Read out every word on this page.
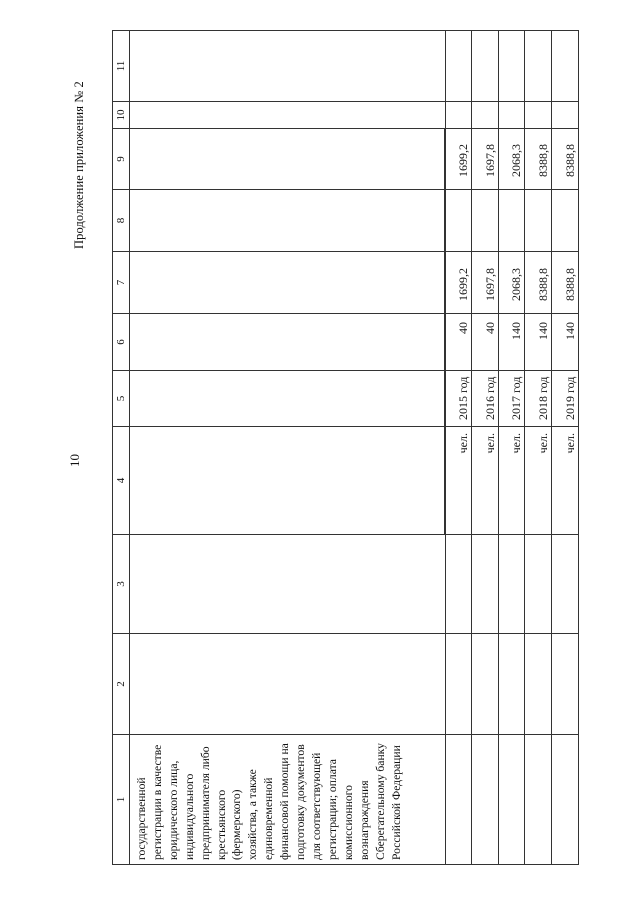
Продолжение приложения № 2
10
1	2	3	4	5	6	7	8	9	10	11
государственной регистрации в качестве юридического лица, индивидуального предпринимателя либо крестьянского (фермерского) хозяйства, а также единовременной финансовой помощи на подготовку документов для соответствующей регистрации; оплата комиссионного вознаграждения Сберегательному банку Российской Федерации										

			чел.	2015 год	40	1699,2		1699,2		
			чел.	2016 год	40	1697,8		1697,8		
			чел.	2017 год	140	2068,3		2068,3		
			чел.	2018 год	140	8388,8		8388,8		
			чел.	2019 год	140	8388,8		8388,8		
